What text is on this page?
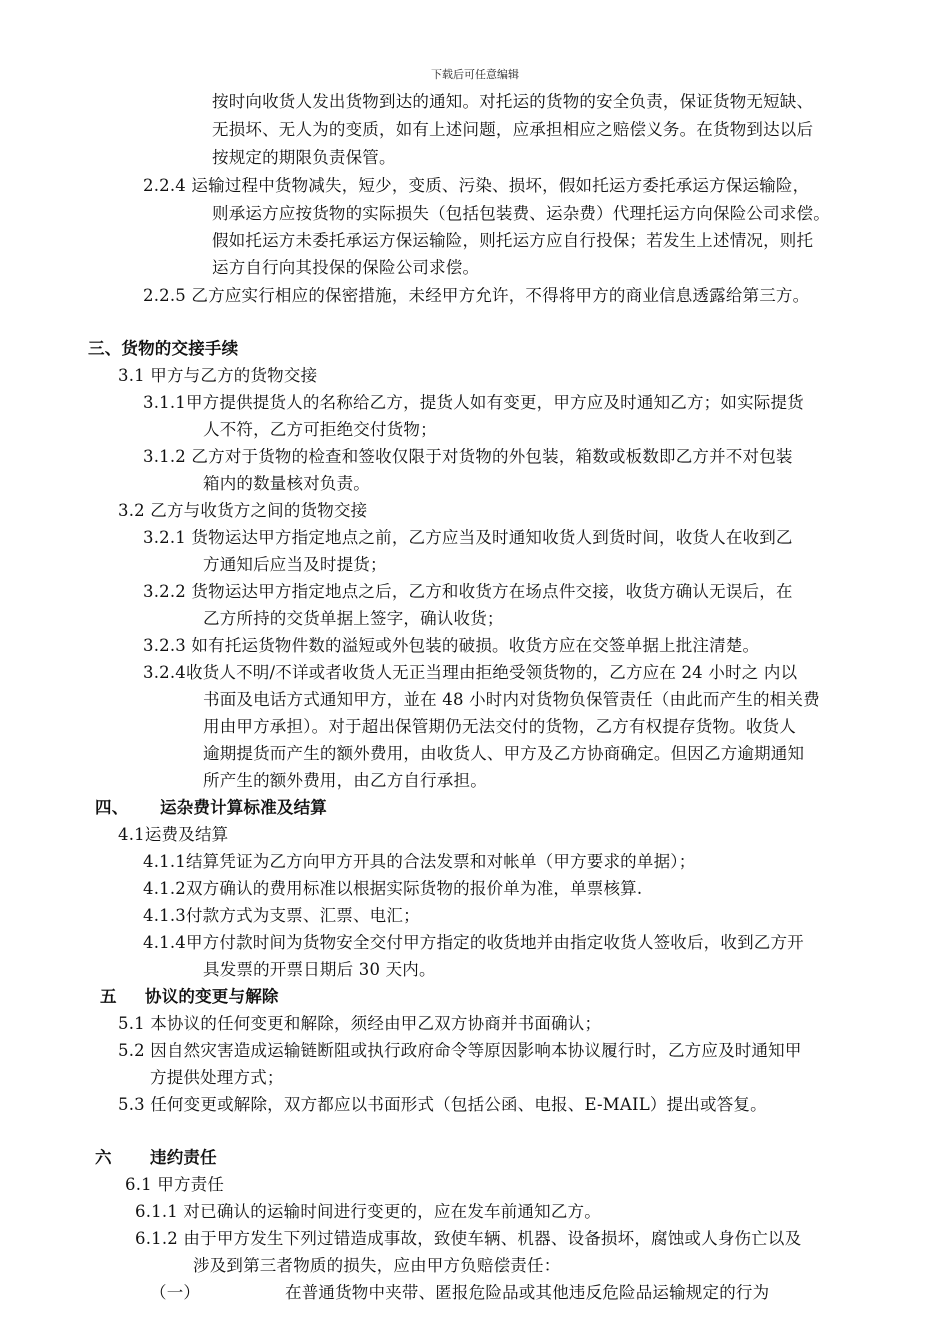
下载后可任意编辑
按时向收货人发出货物到达的通知。对托运的货物的安全负责，保证货物无短缺、
无损坏、无人为的变质，如有上述问题，应承担相应之赔偿义务。在货物到达以后
按规定的期限负责保管。
2.2.4 运输过程中货物减失，短少，变质、污染、损坏，假如托运方委托承运方保运输险，
则承运方应按货物的实际损失（包括包装费、运杂费）代理托运方向保险公司求偿。
假如托运方未委托承运方保运输险，则托运方应自行投保；若发生上述情况，则托
运方自行向其投保的保险公司求偿。
2.2.5 乙方应实行相应的保密措施，未经甲方允许，不得将甲方的商业信息透露给第三方。
三、货物的交接手续
3.1 甲方与乙方的货物交接
3.1.1甲方提供提货人的名称给乙方，提货人如有变更，甲方应及时通知乙方；如实际提货
人不符，乙方可拒绝交付货物；
3.1.2 乙方对于货物的检查和签收仅限于对货物的外包装，箱数或板数即乙方并不对包装
箱内的数量核对负责。
3.2 乙方与收货方之间的货物交接
3.2.1 货物运达甲方指定地点之前，乙方应当及时通知收货人到货时间，收货人在收到乙
方通知后应当及时提货；
3.2.2 货物运达甲方指定地点之后，乙方和收货方在场点件交接，收货方确认无误后，在
乙方所持的交货单据上签字，确认收货；
3.2.3 如有托运货物件数的溢短或外包装的破损。收货方应在交签单据上批注清楚。
3.2.4收货人不明/不详或者收货人无正当理由拒绝受领货物的，乙方应在 24 小时之 内以
书面及电话方式通知甲方，並在 48 小时内对货物负保管责任（由此而产生的相关费
用由甲方承担）。对于超出保管期仍无法交付的货物，乙方有权提存货物。收货人
逾期提货而产生的额外费用，由收货人、甲方及乙方协商确定。但因乙方逾期通知
所产生的额外费用，由乙方自行承担。
四、 运杂费计算标准及结算
4.1运费及结算
4.1.1结算凭证为乙方向甲方开具的合法发票和对帐单（甲方要求的单据）；
4.1.2双方确认的费用标准以根据实际货物的报价单为准，单票核算.
4.1.3付款方式为支票、汇票、电汇；
4.1.4甲方付款时间为货物安全交付甲方指定的收货地并由指定收货人签收后，收到乙方开
具发票的开票日期后 30 天内。
五 协议的变更与解除
5.1 本协议的任何变更和解除，须经由甲乙双方协商并书面确认；
5.2 因自然灾害造成运输链断阻或执行政府命令等原因影响本协议履行时，乙方应及时通知甲
方提供处理方式；
5.3 任何变更或解除，双方都应以书面形式（包括公函、电报、E-MAIL）提出或答复。
六 违约责任
6.1 甲方责任
6.1.1 对已确认的运输时间进行变更的，应在发车前通知乙方。
6.1.2 由于甲方发生下列过错造成事故，致使车辆、机器、设备损坏，腐蚀或人身伤亡以及
涉及到第三者物质的损失，应由甲方负赔偿责任：
（一）	在普通货物中夹带、匿报危险品或其他违反危险品运输规定的行为
